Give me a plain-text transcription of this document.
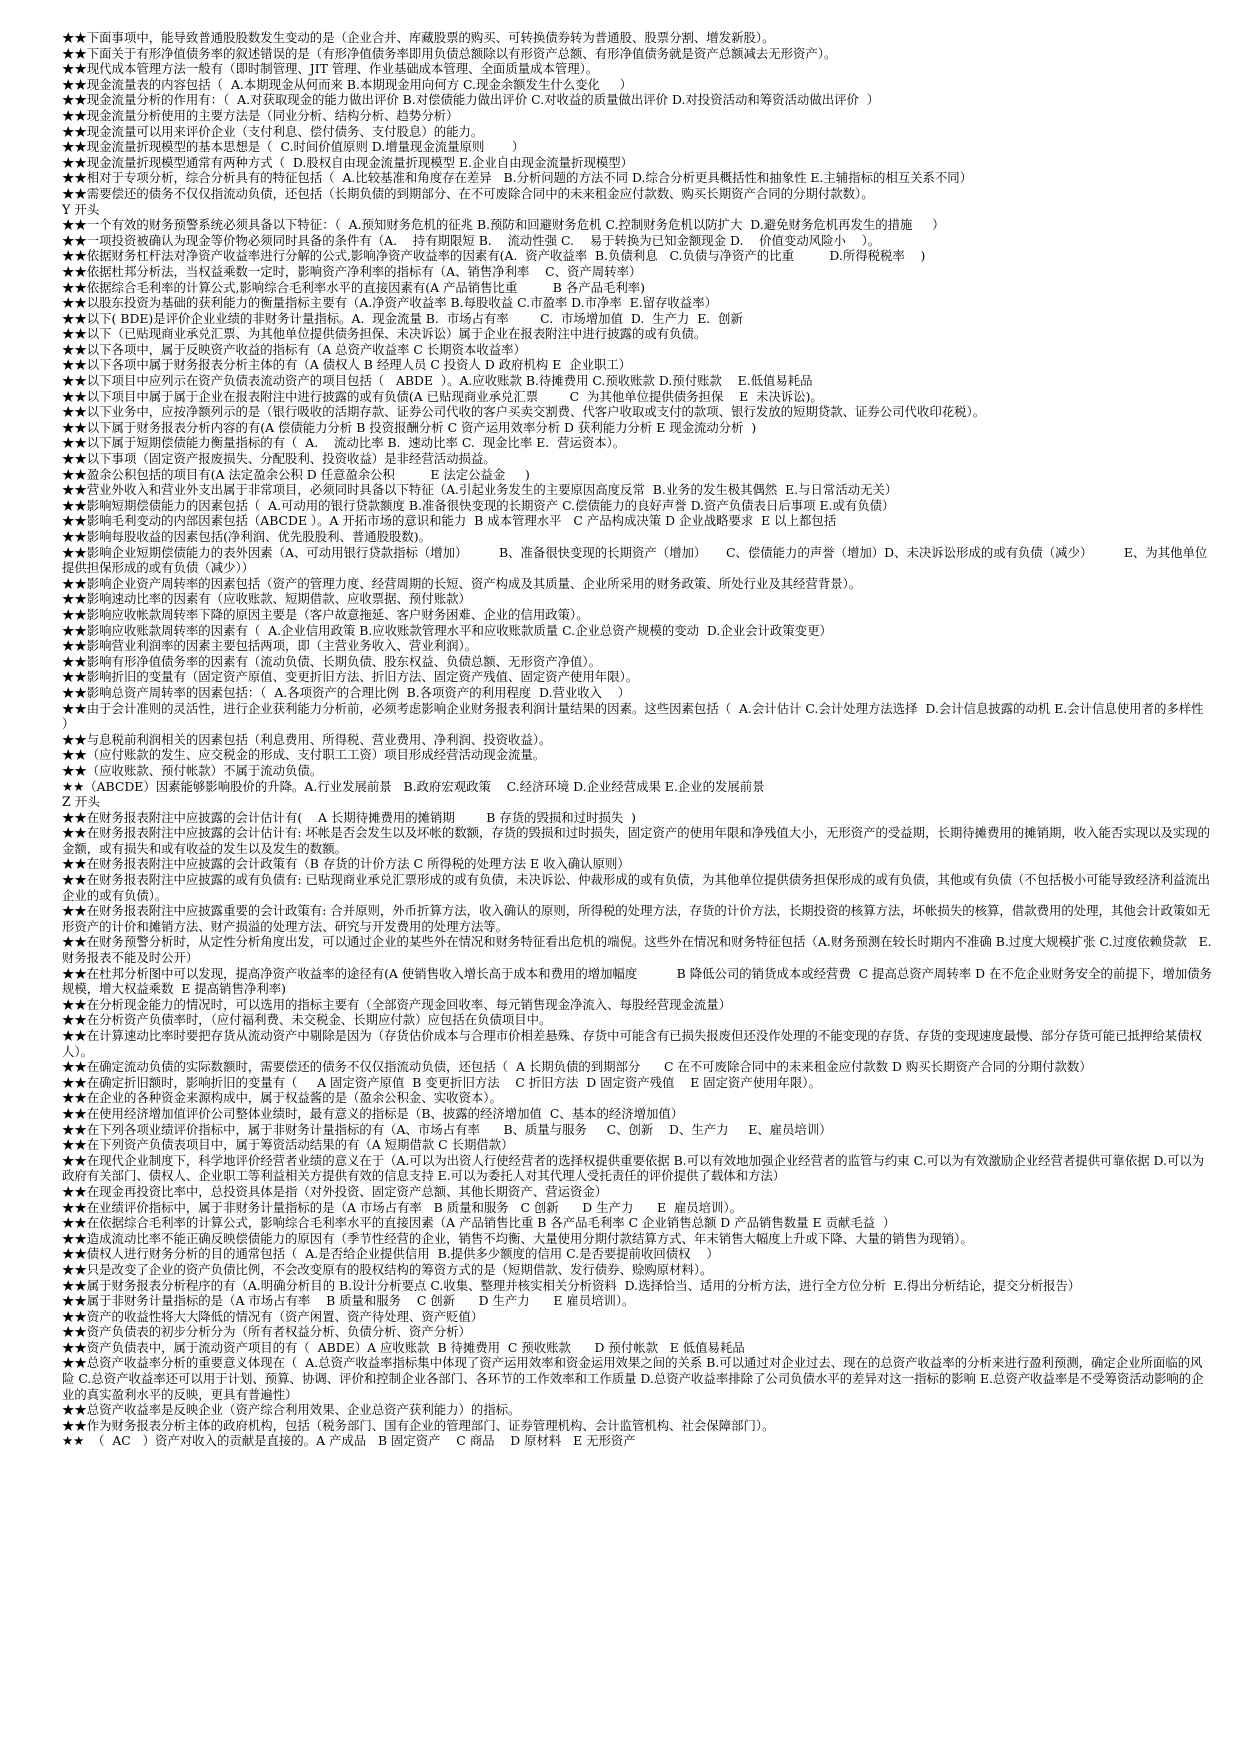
★★下面事项中，能导致普通股股数发生变动的是（企业合并、库藏股票的购买、可转换债券转为普通股、股票分割、增发新股）。

★★下面关于有形净值债务率的叙述错误的是（有形净值债务率即用负债总额除以有形资产总额、有形净值债务就是资产总额减去无形资产）。

★★现代成本管理方法一般有（即时制管理、JIT 管理、作业基础成本管理、全面质量成本管理）。

★★现金流量表的内容包括（  A.本期现金从何而来 B.本期现金用向何方 C.现金余额发生什么变化     ）

★★现金流量分析的作用有：（  A.对获取现金的能力做出评价 B.对偿债能力做出评价 C.对收益的质量做出评价 D.对投资活动和筹资活动做出评价  ）

★★现金流量分析使用的主要方法是（同业分析、结构分析、趋势分析）

★★现金流量可以用来评价企业（支付利息、偿付债务、支付股息）的能力。

★★现金流量折现模型的基本思想是（  C.时间价值原则 D.增量现金流量原则       ）

★★现金流量折现模型通常有两种方式（  D.股权自由现金流量折现模型 E.企业自由现金流量折现模型）

★★相对于专项分析，综合分析具有的特征包括（  A.比较基准和角度存在差异   B.分析问题的方法不同 D.综合分析更具概括性和抽象性 E.主辅指标的相互关系不同）

★★需要偿还的债务不仅仅指流动负债，还包括（长期负债的到期部分、在不可废除合同中的未来租金应付款数、购买长期资产合同的分期付款数）。

Y 开头

★★一个有效的财务预警系统必须具备以下特征：（  A.预知财务危机的征兆 B.预防和回避财务危机 C.控制财务危机以防扩大  D.避免财务危机再发生的措施     ）

★★一项投资被确认为现金等价物必须同时具备的条件有（A.    持有期限短 B.    流动性强 C.    易于转换为已知金额现金 D.    价值变动风险小    ）。

★★依据财务杠杆法对净资产收益率进行分解的公式,影响净资产收益率的因素有(A.  资产收益率  B.负债利息   C.负债与净资产的比重         D.所得税税率    )

★★依据杜邦分析法，当权益乘数一定时，影响资产净利率的指标有（A、销售净利率    C、资产周转率）

★★依据综合毛利率的计算公式,影响综合毛利率水平的直接因素有(A 产品销售比重         B 各产品毛利率)

★★以股东投资为基础的获利能力的衡量指标主要有（A.净资产收益率 B.每股收益 C.市盈率 D.市净率  E.留存收益率）

★★以下( BDE)是评价企业业绩的非财务计量指标。A.  现金流量 B.  市场占有率        C.  市场增加值  D.  生产力  E.  创新

★★以下（已贴现商业承兑汇票、为其他单位提供债务担保、未决诉讼）属于企业在报表附注中进行披露的或有负债。

★★以下各项中，属于反映资产收益的指标有（A 总资产收益率 C 长期资本收益率）

★★以下各项中属于财务报表分析主体的有（A 债权人 B 经理人员 C 投资人 D 政府机构 E  企业职工）

★★以下项目中应列示在资产负债表流动资产的项目包括（   ABDE  ）。A.应收账款 B.待摊费用 C.预收账款 D.预付账款    E.低值易耗品

★★以下项目中属于属于企业在报表附注中进行披露的或有负债(A 已贴现商业承兑汇票        C  为其他单位提供债务担保    E  未决诉讼)。

★★以下业务中，应按净额列示的是（银行吸收的活期存款、证券公司代收的客户买卖交割费、代客户收取或支付的款项、银行发放的短期贷款、证券公司代收印花税）。

★★以下属于财务报表分析内容的有(A 偿债能力分析 B 投资报酬分析 C 资产运用效率分析 D 获利能力分析 E 现金流动分析  )

★★以下属于短期偿债能力衡量指标的有（  A.    流动比率 B.  速动比率 C.  现金比率 E.  营运资本）。

★★以下事项（固定资产报废损失、分配股利、投资收益）是非经营活动损益。

★★盈余公积包括的项目有(A 法定盈余公积 D 任意盈余公积         E 法定公益金     )

★★营业外收入和营业外支出属于非常项目，必须同时具备以下特征（A.引起业务发生的主要原因高度反常  B.业务的发生极其偶然  E.与日常活动无关）

★★影响短期偿债能力的因素包括（  A.可动用的银行贷款额度 B.准备很快变现的长期资产 C.偿债能力的良好声誉 D.资产负债表日后事项 E.或有负债）

★★影响毛利变动的内部因素包括（ABCDE ）。A 开拓市场的意识和能力  B 成本管理水平   C 产品构成决策 D 企业战略要求  E 以上都包括

★★影响每股收益的因素包括(净利润、优先股股利、普通股股数)。

★★影响企业短期偿债能力的表外因素（A、可动用银行贷款指标（增加）        B、准备很快变现的长期资产（增加）     C、偿债能力的声誉（增加）D、未决诉讼形成的或有负债（减少）        E、为其他单位提供担保形成的或有负债（减少））

★★影响企业资产周转率的因素包括（资产的管理力度、经营周期的长短、资产构成及其质量、企业所采用的财务政策、所处行业及其经营背景）。

★★影响速动比率的因素有（应收账款、短期借款、应收票据、预付账款）

★★影响应收帐款周转率下降的原因主要是（客户故意拖延、客户财务困难、企业的信用政策）。

★★影响应收账款周转率的因素有（  A.企业信用政策 B.应收账款管理水平和应收账款质量 C.企业总资产规模的变动  D.企业会计政策变更）

★★影响营业利润率的因素主要包括两项，即（主营业务收入、营业利润）。

★★影响有形净值债务率的因素有（流动负债、长期负债、股东权益、负债总额、无形资产净值）。

★★影响折旧的变量有（固定资产原值、变更折旧方法、折旧方法、固定资产残值、固定资产使用年限）。

★★影响总资产周转率的因素包括：（  A.各项资产的合理比例  B.各项资产的利用程度  D.营业收入    ）

★★由于会计准则的灵活性，进行企业获利能力分析前，必须考虑影响企业财务报表利润计量结果的因素。这些因素包括（  A.会计估计 C.会计处理方法选择  D.会计信息披露的动机 E.会计信息使用者的多样性     ）

★★与息税前利润相关的因素包括（利息费用、所得税、营业费用、净利润、投资收益）。

★★（应付账款的发生、应交税金的形成、支付职工工资）项目形成经营活动现金流量。

★★（应收账款、预付帐款）不属于流动负债。

★★（ABCDE）因素能够影响股价的升降。A.行业发展前景   B.政府宏观政策    C.经济环境 D.企业经营成果 E.企业的发展前景

Z 开头

★★在财务报表附注中应披露的会计估计有(    A 长期待摊费用的摊销期        B 存货的毁损和过时损失  )

★★在财务报表附注中应披露的会计估计有: 坏帐是否会发生以及坏帐的数额，存货的毁损和过时损失，固定资产的使用年限和净残值大小，无形资产的受益期，长期待摊费用的摊销期，收入能否实现以及实现的金额，或有损失和或有收益的发生以及发生的数额。

★★在财务报表附注中应披露的会计政策有（B 存货的计价方法 C 所得税的处理方法 E 收入确认原则）

★★在财务报表附注中应披露的或有负债有: 已贴现商业承兑汇票形成的或有负债，未决诉讼、仲裁形成的或有负债，为其他单位提供债务担保形成的或有负债，其他或有负债（不包括极小可能导致经济利益流出企业的或有负债）。

★★在财务报表附注中应披露重要的会计政策有: 合并原则，外币折算方法，收入确认的原则，所得税的处理方法，存货的计价方法，长期投资的核算方法，坏帐损失的核算，借款费用的处理，其他会计政策如无形资产的计价和摊销方法、财产损溢的处理方法、研究与开发费用的处理方法等。

★★在财务预警分析时，从定性分析角度出发，可以通过企业的某些外在情况和财务特征看出危机的端倪。这些外在情况和财务特征包括（A.财务预测在较长时期内不准确 B.过度大规模扩张 C.过度依赖贷款   E.财务报表不能及时公开）

★★在杜邦分析图中可以发现，提高净资产收益率的途径有(A 使销售收入增长高于成本和费用的增加幅度          B 降低公司的销货成本或经营费  C 提高总资产周转率 D 在不危企业财务安全的前提下，增加债务规模，增大权益乘数  E 提高销售净利率)

★★在分析现金能力的情况时，可以选用的指标主要有（全部资产现金回收率、每元销售现金净流入、每股经营现金流量）

★★在分析资产负债率时，（应付福利费、未交税金、长期应付款）应包括在负债项目中。

★★在计算速动比率时要把存货从流动资产中剔除是因为（存货估价成本与合理市价相差悬殊、存货中可能含有已损失报废但还没作处理的不能变现的存货、存货的变现速度最慢、部分存货可能已抵押给某债权人）。

★★在确定流动负债的实际数额时，需要偿还的债务不仅仅指流动负债，还包括（  A 长期负债的到期部分      C 在不可废除合同中的未来租金应付款数 D 购买长期资产合同的分期付款数）

★★在确定折旧额时，影响折旧的变量有（     A 固定资产原值  B 变更折旧方法    C 折旧方法  D 固定资产残值    E 固定资产使用年限）。

★★在企业的各种资金来源构成中，属于权益酱的是（盈余公积金、实收资本）。

★★在使用经济增加值评价公司整体业绩时，最有意义的指标是（B、披露的经济增加值  C、基本的经济增加值）

★★在下列各项业绩评价指标中，属于非财务计量指标的有（A、市场占有率      B、质量与服务     C、创新    D、生产力     E、雇员培训）

★★在下列资产负债表项目中，属于筹资活动结果的有（A 短期借款 C 长期借款）

★★在现代企业制度下，科学地评价经营者业绩的意义在于（A.可以为出资人行使经营者的选择权提供重要依据 B.可以有效地加强企业经营者的监管与约束 C.可以为有效激励企业经营者提供可靠依据 D.可以为政府有关部门、债权人、企业职工等利益相关方提供有效的信息支持 E.可以为委托人对其代理人受托责任的评价提供了载体和方法）

★★在现金再投资比率中，总投资具体是指（对外投资、固定资产总额、其他长期资产、营运资金）

★★在业绩评价指标中，属于非财务计量指标的是（A 市场占有率   B 质量和服务   C 创新      D 生产力      E  雇员培训）。

★★在依据综合毛利率的计算公式，影响综合毛利率水平的直接因素（A 产品销售比重 B 各产品毛利率 C 企业销售总额 D 产品销售数量 E 贡献毛益  ）

★★造成流动比率不能正确反映偿债能力的原因有（季节性经营的企业，销售不均衡、大量使用分期付款结算方式、年末销售大幅度上升或下降、大量的销售为现销）。

★★债权人进行财务分析的目的通常包括（  A.是否给企业提供信用  B.提供多少额度的信用 C.是否要提前收回债权    ）

★★只是改变了企业的资产负债比例，不会改变原有的股权结构的筹资方式的是（短期借款、发行债券、赊购原材料）。

★★属于财务报表分析程序的有（A.明确分析目的 B.设计分析要点 C.收集、整理并核实相关分析资料  D.选择恰当、适用的分析方法，进行全方位分析  E.得出分析结论，提交分析报告）

★★属于非财务计量指标的是（A 市场占有率    B 质量和服务    C 创新      D 生产力      E 雇员培训）。

★★资产的收益性将大大降低的情况有（资产闲置、资产待处理、资产贬值）

★★资产负债表的初步分析分为（所有者权益分析、负债分析、资产分析）

★★资产负债表中，属于流动资产项目的有（  ABDE）A 应收账款  B 待摊费用  C 预收账款      D 预付帐款   E 低值易耗品

★★总资产收益率分析的重要意义体现在（  A.总资产收益率指标集中体现了资产运用效率和资金运用效果之间的关系 B.可以通过对企业过去、现在的总资产收益率的分析来进行盈利预测，确定企业所面临的风险 C.总资产收益率还可以用于计划、预算、协调、评价和控制企业各部门、各环节的工作效率和工作质量 D.总资产收益率排除了公司负债水平的差异对这一指标的影响 E.总资产收益率是不受筹资活动影响的企业的真实盈利水平的反映，更具有普遍性）

★★总资产收益率是反映企业（资产综合利用效果、企业总资产获利能力）的指标。

★★作为财务报表分析主体的政府机构，包括（税务部门、国有企业的管理部门、证券管理机构、会计监管机构、社会保障部门）。

★★  （  AC   ）资产对收入的贡献是直接的。A 产成品   B 固定资产    C 商品    D 原材料   E 无形资产
